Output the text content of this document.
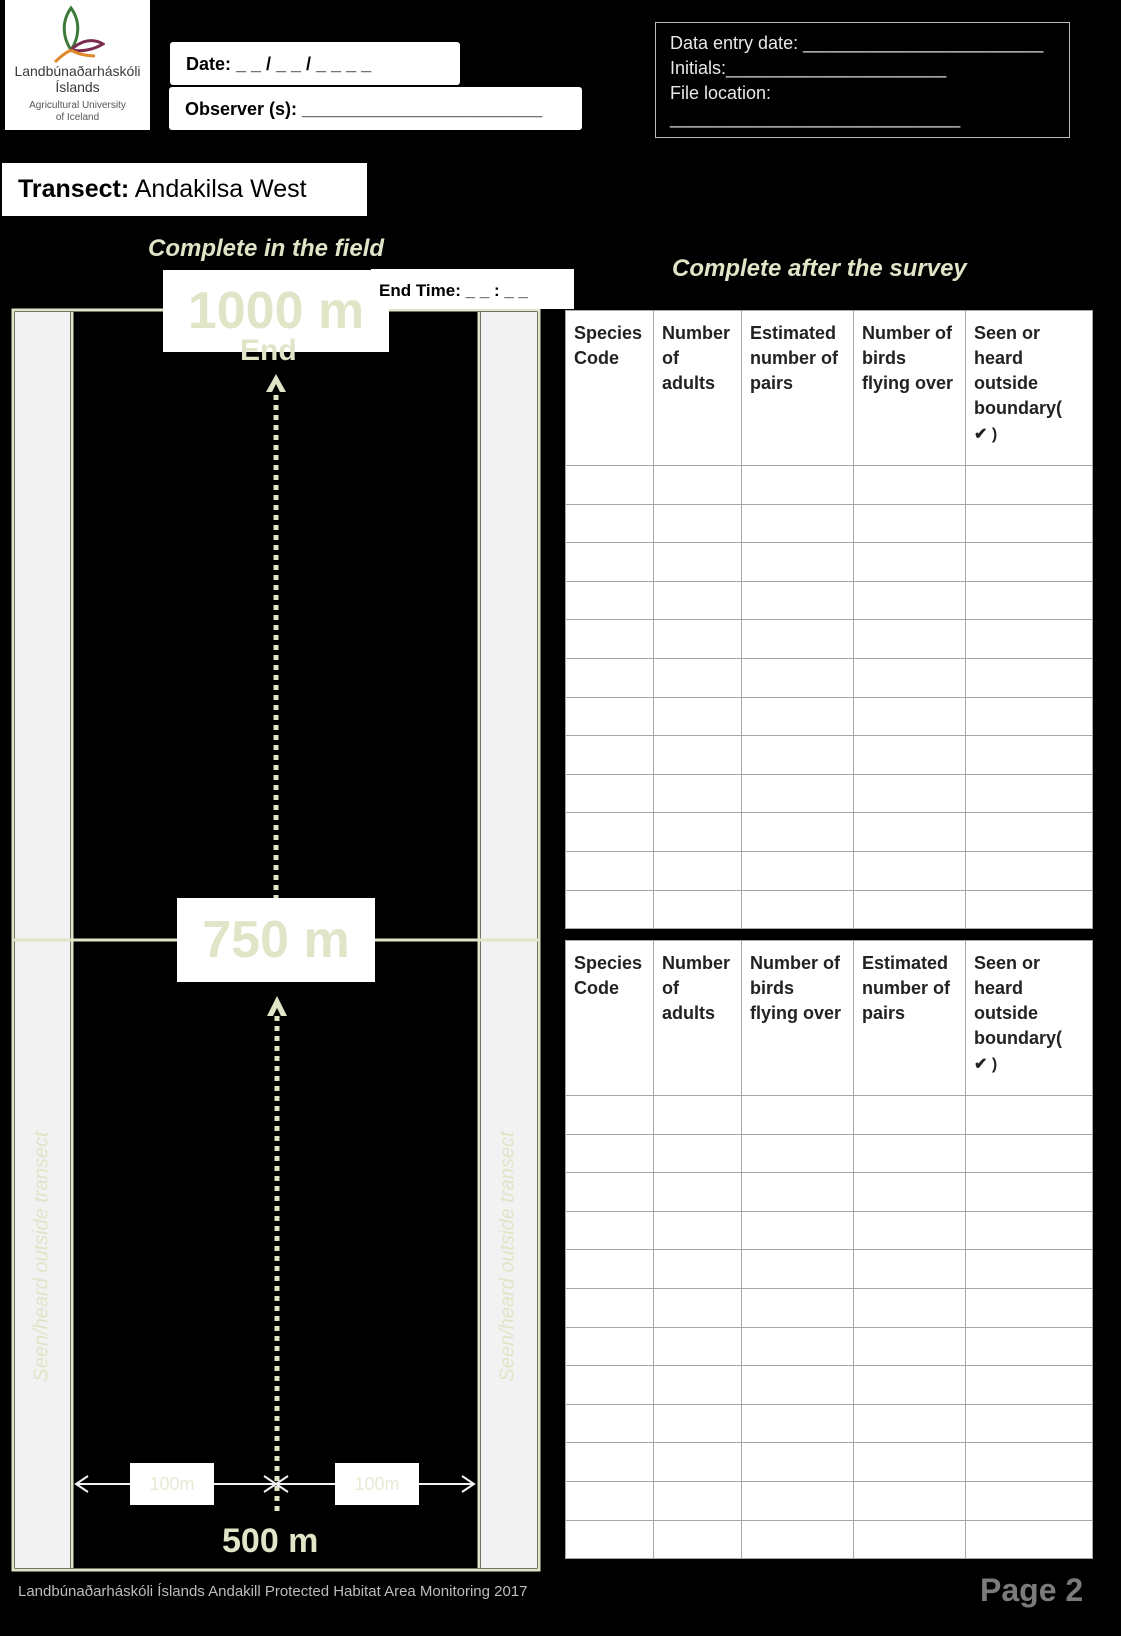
Landbúnaðarháskóli
Íslands
Agricultural University
of Iceland
Date: _ _ / _ _ / _ _ _ _
Observer (s): ________________________
Data entry date: ________________________
Initials:______________________
File location:
_____________________________
Transect: Andakilsa West
Complete in the field
Complete after the survey
1000 m
End
End Time: _ _ : _ _
750 m
Seen/heard outside transect	Seen/heard outside transect
100m	100m
500 m
Species Code	Number of adults	Estimated number of pairs	Number of birds flying over	Seen or heard outside boundary(
✔ )

Species Code	Number of adults	Number of birds flying over	Estimated number of pairs	Seen or heard outside boundary(
✔ )

Landbúnaðarháskóli Íslands Andakill Protected Habitat Area Monitoring 2017	Page 2
